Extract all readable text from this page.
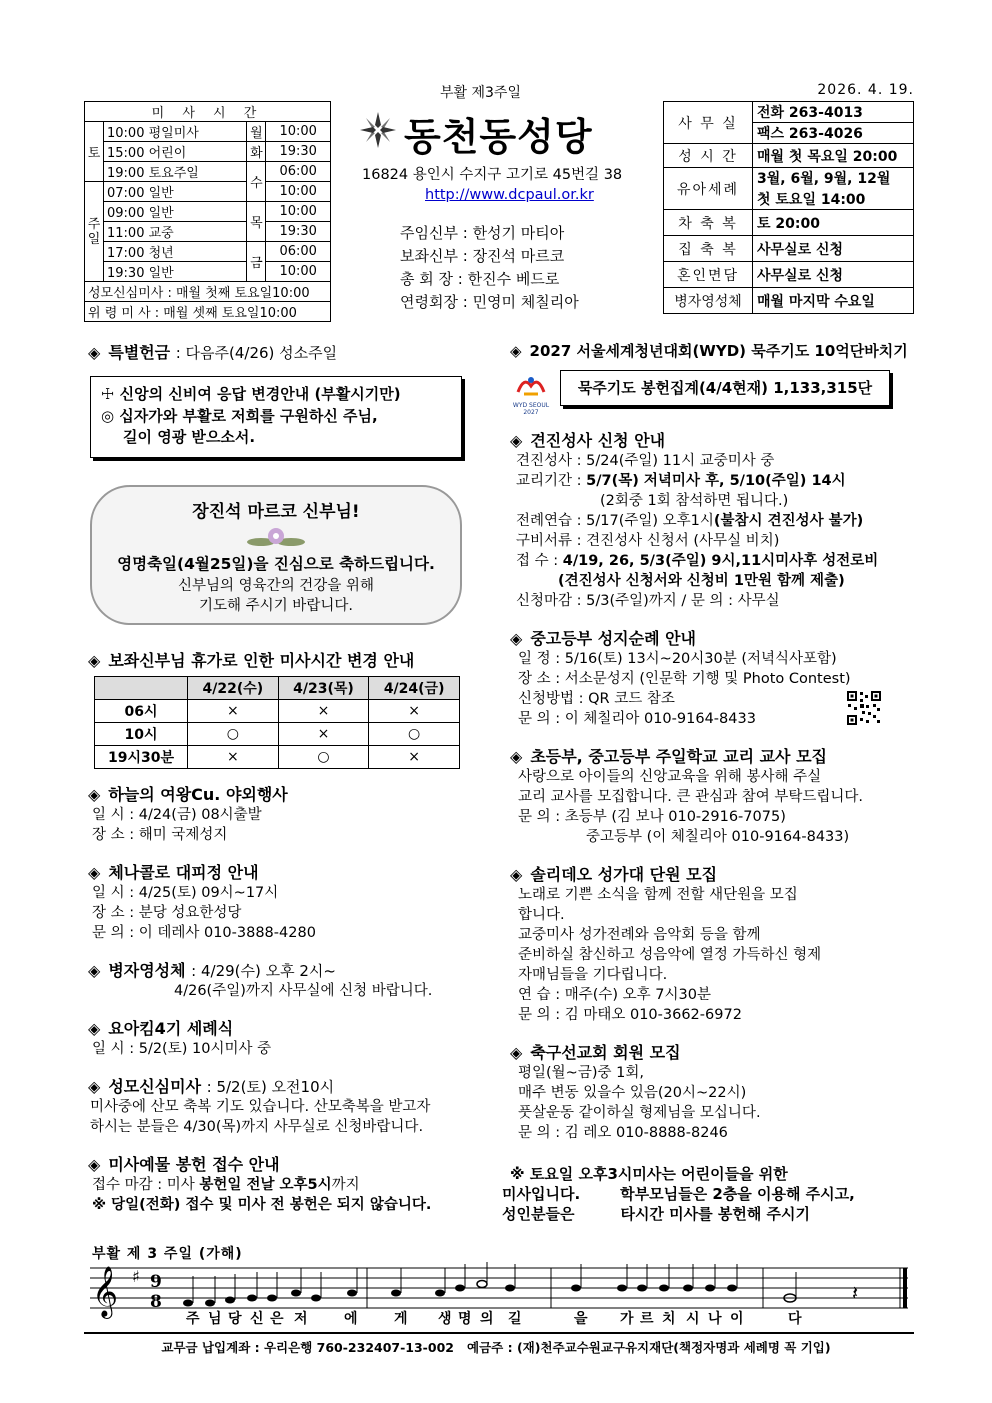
부활 제3주일	2026. 4. 19.
미 사 시 간			
토	10:00 평일미사	월	10:00
	15:00 어린이	화	19:30
	19:00 토요주일	수	06:00
주일	07:00 일반		10:00
	09:00 일반	목	10:00
	11:00 교중		19:30
	17:00 청년	금	06:00
	19:30 일반		10:00
성모신심미사 : 매월 첫째 토요일10:00			
위 령 미 사 : 매월 셋째 토요일10:00			
동천동성당
16824 용인시 수지구 고기로 45번길 38
http://www.dcpaul.or.kr
주임신부 : 한성기 마티아
보좌신부 : 장진석 마르코
총 회 장 : 한진수 베드로
연령회장 : 민영미 체칠리아
사 무 실	전화 263-4013
	팩스 263-4026
성 시 간	매월 첫 목요일 20:00
유아세례	3월, 6월, 9월, 12월
	첫 토요일 14:00
차 축 복	토 20:00
집 축 복	사무실로 신청
혼인면담	사무실로 신청
병자영성체	매월 마지막 수요일
◈ 특별헌금 : 다음주(4/26) 성소주일
☩ 신앙의 신비여 응답 변경안내 (부활시기만)
◎ 십자가와 부활로 저희를 구원하신 주님,
길이 영광 받으소서.
장진석 마르코 신부님!
영명축일(4월25일)을 진심으로 축하드립니다.
신부님의 영육간의 건강을 위해
기도해 주시기 바랍니다.
◈ 보좌신부님 휴가로 인한 미사시간 변경 안내
	4/22(수)	4/23(목)	4/24(금)
06시	×	×	×
10시	○	×	○
19시30분	×	○	×
◈ 하늘의 여왕Cu. 야외행사
일 시 : 4/24(금) 08시출발
장 소 : 해미 국제성지
◈ 체나콜로 대피정 안내
일 시 : 4/25(토) 09시~17시
장 소 : 분당 성요한성당
문 의 : 이 데레사 010-3888-4280
◈ 병자영성체 : 4/29(수) 오후 2시~
4/26(주일)까지 사무실에 신청 바랍니다.
◈ 요아킴4기 세례식
일 시 : 5/2(토) 10시미사 중
◈ 성모신심미사 : 5/2(토) 오전10시
미사중에 산모 축복 기도 있습니다. 산모축복을 받고자
하시는 분들은 4/30(목)까지 사무실로 신청바랍니다.
◈ 미사예물 봉헌 접수 안내
접수 마감 : 미사 봉헌일 전날 오후5시까지
※ 당일(전화) 접수 및 미사 전 봉헌은 되지 않습니다.
◈ 2027 서울세계청년대회(WYD) 묵주기도 10억단바치기
WYD SEOUL 2027
묵주기도 봉헌집계(4/4현재) 1,133,315단
◈ 견진성사 신청 안내
견진성사 : 5/24(주일) 11시 교중미사 중
교리기간 : 5/7(목) 저녁미사 후, 5/10(주일) 14시
(2회중 1회 참석하면 됩니다.)
전례연습 : 5/17(주일) 오후1시(불참시 견진성사 불가)
구비서류 : 견진성사 신청서 (사무실 비치)
접 수 : 4/19, 26, 5/3(주일) 9시,11시미사후 성전로비
(견진성사 신청서와 신청비 1만원 함께 제출)
신청마감 : 5/3(주일)까지 / 문 의 : 사무실
◈ 중고등부 성지순례 안내
일 정 : 5/16(토) 13시~20시30분 (저녁식사포함)
장 소 : 서소문성지 (인문학 기행 및 Photo Contest)
신청방법 : QR 코드 참조
문 의 : 이 체칠리아 010-9164-8433
◈ 초등부, 중고등부 주일학교 교리 교사 모집
사랑으로 아이들의 신앙교육을 위해 봉사해 주실
교리 교사를 모집합니다. 큰 관심과 참여 부탁드립니다.
문 의 : 초등부 (김 보나 010-2916-7075)
중고등부 (이 체칠리아 010-9164-8433)
◈ 솔리데오 성가대 단원 모집
노래로 기쁜 소식을 함께 전할 새단원을 모집
합니다.
교중미사 성가전례와 음악회 등을 함께
준비하실 참신하고 성음악에 열정 가득하신 형제
자매님들을 기다립니다.
연 습 : 매주(수) 오후 7시30분
문 의 : 김 마태오 010-3662-6972
◈ 축구선교회 회원 모집
평일(월~금)중 1회,
매주 변동 있을수 있음(20시~22시)
풋살운동 같이하실 형제님을 모십니다.
문 의 : 김 레오 010-8888-8246
※ 토요일 오후3시미사는 어린이들을 위한
미사입니다.	학부모님들은 2층을 이용해 주시고,
성인분들은	타시간 미사를 봉헌해 주시기
부활 제 3 주일 (가해)
𝄞 ♯ 9
8	𝄽
주 님 당 신 은 저	에	게 생 명 의 길	을 가 르 치 시 나 이	다
교무금 납입계좌 : 우리은행 760-232407-13-002   예금주 : (재)천주교수원교구유지재단(책정자명과 세례명 꼭 기입)
